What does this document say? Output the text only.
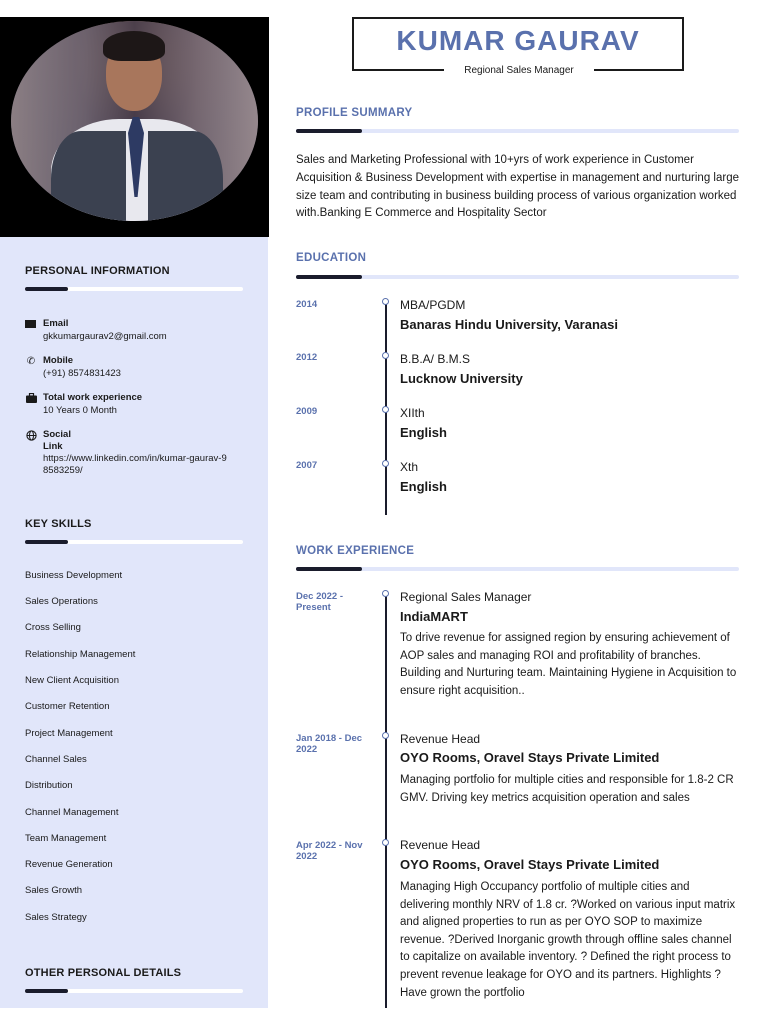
PERSONAL INFORMATION
Email
gkkumargaurav2@gmail.com
✆ Mobile
(+91) 8574831423
Total work experience
10 Years 0 Month
Social Link
https://www.linkedin.com/in/kumar-gaurav-98583259/
KEY SKILLS
Business Development
Sales Operations
Cross Selling
Relationship Management
New Client Acquisition
Customer Retention
Project Management
Channel Sales
Distribution
Channel Management
Team Management
Revenue Generation
Sales Growth
Sales Strategy
OTHER PERSONAL DETAILS
KUMAR GAURAV
Regional Sales Manager
PROFILE SUMMARY
Sales and Marketing Professional with 10+yrs of work experience in Customer Acquisition & Business Development with expertise in management and nurturing large size team and contributing in business building process of various organization worked with.Banking E Commerce and Hospitality Sector
EDUCATION
2014	MBA/PGDM
Banaras Hindu University, Varanasi
2012	B.B.A/ B.M.S
Lucknow University
2009	XIIth
English
2007	Xth
English
WORK EXPERIENCE
Dec 2022 - Present
Regional Sales Manager
IndiaMART
To drive revenue for assigned region by ensuring achievement of AOP sales and managing ROI and profitability of branches. Building and Nurturing team. Maintaining Hygiene in Acquisition to ensure right acquisition..
Jan 2018 - Dec 2022
Revenue Head
OYO Rooms, Oravel Stays Private Limited
Managing portfolio for multiple cities and responsible for 1.8-2 CR GMV. Driving key metrics acquisition operation and sales
Apr 2022 - Nov 2022
Revenue Head
OYO Rooms, Oravel Stays Private Limited
Managing High Occupancy portfolio of multiple cities and delivering monthly NRV of 1.8 cr. ?Worked on various input matrix and aligned properties to run as per OYO SOP to maximize revenue. ?Derived Inorganic growth through offline sales channel to capitalize on available inventory. ? Defined the right process to prevent revenue leakage for OYO and its partners. Highlights ?Have grown the portfolio
